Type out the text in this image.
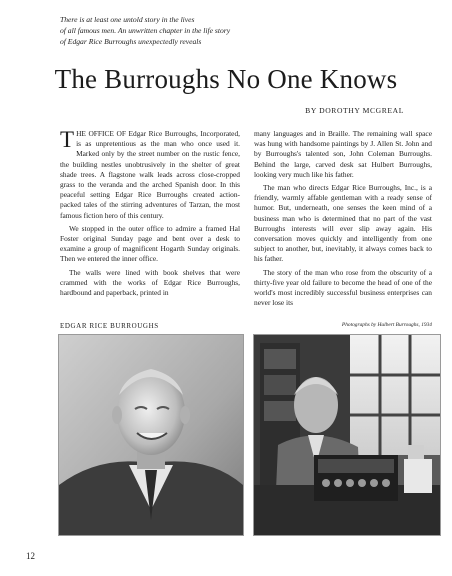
There is at least one untold story in the lives
of all famous men. An unwritten chapter in the life story
of Edgar Rice Burroughs unexpectedly reveals
The Burroughs No One Knows
BY DOROTHY MCGREAL

THE OFFICE OF Edgar Rice Burroughs, Incorporated, is as unpretentious as the man who once used it. Marked only by the street number on the rustic fence, the building nestles unobtrusively in the shelter of great shade trees. A flagstone walk leads across close-cropped grass to the veranda and the arched Spanish door. In this peaceful setting Edgar Rice Burroughs created action-packed tales of the stirring adventures of Tarzan, the most famous fiction hero of this century.

We stopped in the outer office to admire a framed Hal Foster original Sunday page and bent over a desk to examine a group of magnificent Hogarth Sunday originals. Then we entered the inner office.

The walls were lined with book shelves that were crammed with the works of Edgar Rice Burroughs, hardbound and paperback, printed in

many languages and in Braille. The remaining wall space was hung with handsome paintings by J. Allen St. John and by Burroughs's talented son, John Coleman Burroughs. Behind the large, carved desk sat Hulbert Burroughs, looking very much like his father.

The man who directs Edgar Rice Burroughs, Inc., is a friendly, warmly affable gentleman with a ready sense of humor. But, underneath, one senses the keen mind of a business man who is determined that no part of the vast Burroughs interests will ever slip away again. His conversation moves quickly and intelligently from one subject to another, but, inevitably, it always comes back to his father.

The story of the man who rose from the obscurity of a thirty-five year old failure to become the head of one of the world's most incredibly successful business enterprises can never lose its

EDGAR RICE BURROUGHS	Photographs by Hulbert Burroughs, 1934
12
